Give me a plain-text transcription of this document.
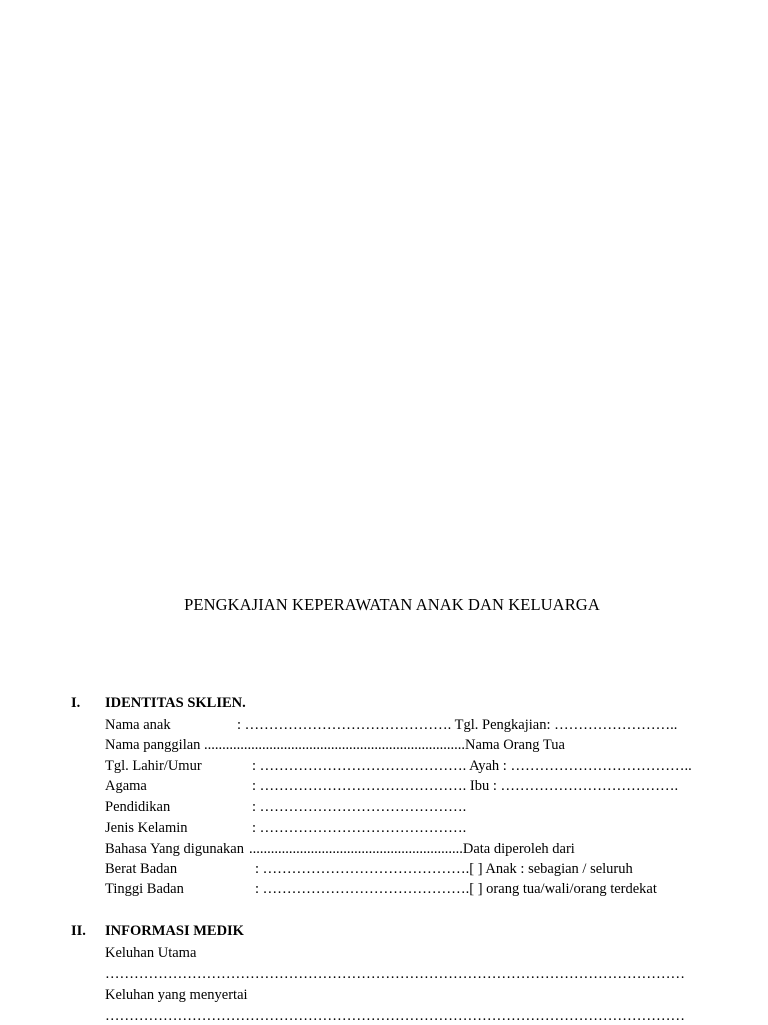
PENGKAJIAN KEPERAWATAN ANAK DAN KELUARGA
I. IDENTITAS SKLIEN.
Nama anak	: ……………………………………. Tgl. Pengkajian: ……………………..
Nama panggilan ........................................................................Nama Orang Tua
Tgl. Lahir/Umur	: ……………………………………. Ayah : ………………………………..
Agama	: ……………………………………. Ibu : ……………………………….
Pendidikan	: …………………………………….
Jenis Kelamin	: …………………………………….
Bahasa Yang digunakan ...........................................................Data diperoleh dari
Berat Badan	: …………………………………….[ ] Anak : sebagian / seluruh
Tinggi Badan	: …………………………………….[ ] orang tua/wali/orang terdekat
II. INFORMASI MEDIK
Keluhan Utama
…………………………………………………………………………………………………………
Keluhan yang menyertai
…………………………………………………………………………………………………………
